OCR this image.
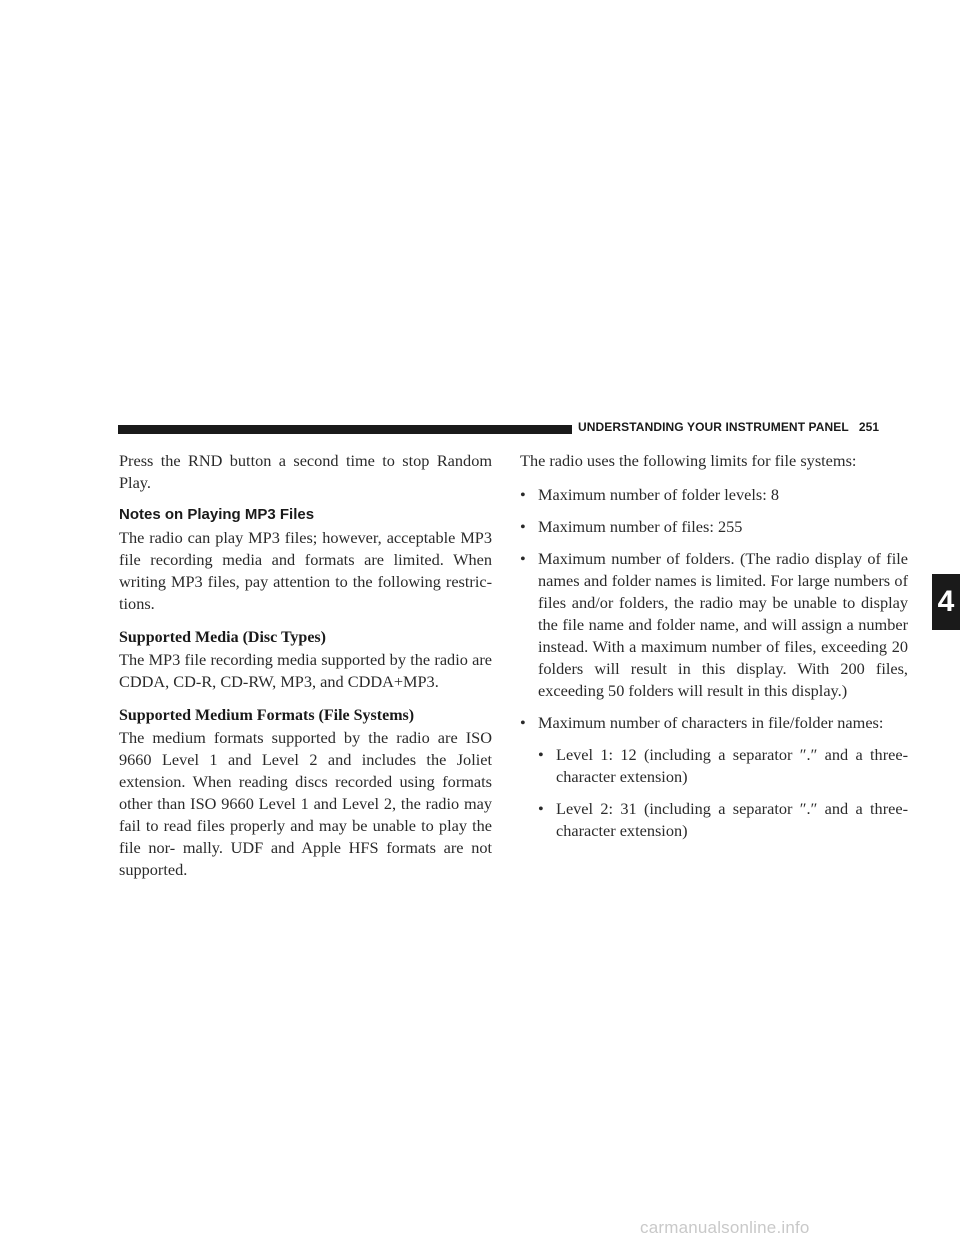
UNDERSTANDING YOUR INSTRUMENT PANEL 251
4

Press the RND button a second time to stop Random Play.

Notes on Playing MP3 Files

The radio can play MP3 files; however, acceptable MP3 file recording media and formats are limited. When writing MP3 files, pay attention to the following restric- tions.

Supported Media (Disc Types)

The MP3 file recording media supported by the radio are CDDA, CD-R, CD-RW, MP3, and CDDA+MP3.

Supported Medium Formats (File Systems)

The medium formats supported by the radio are ISO 9660 Level 1 and Level 2 and includes the Joliet extension. When reading discs recorded using formats other than ISO 9660 Level 1 and Level 2, the radio may fail to read files properly and may be unable to play the file nor- mally. UDF and Apple HFS formats are not supported.

The radio uses the following limits for file systems:

• Maximum number of folder levels: 8
• Maximum number of files: 255
• Maximum number of folders. (The radio display of file names and folder names is limited. For large numbers of files and/or folders, the radio may be unable to display the file name and folder name, and will assign a number instead. With a maximum number of files, exceeding 20 folders will result in this display. With 200 files, exceeding 50 folders will result in this display.)
• Maximum number of characters in file/folder names:
• Level 1: 12 (including a separator ″.″ and a three- character extension)
• Level 2: 31 (including a separator ″.″ and a three- character extension)
carmanualsonline.info
